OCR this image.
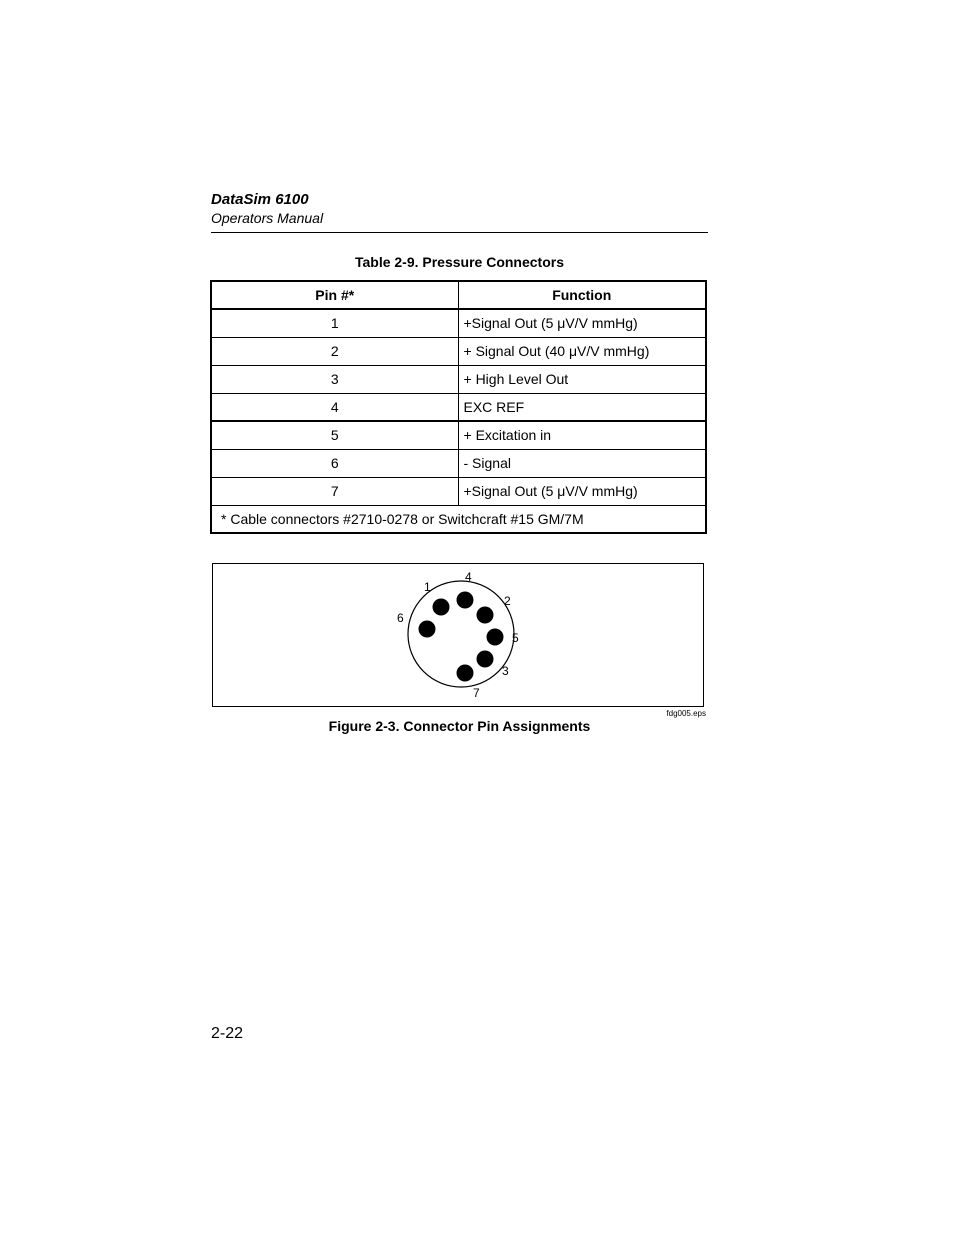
DataSim 6100
Operators Manual
Table 2-9. Pressure Connectors
Pin #*	Function
1	+Signal Out (5 μV/V mmHg)
2	+ Signal Out (40 μV/V mmHg)
3	+ High Level Out
4	EXC REF
5	+ Excitation in
6	- Signal
7	+Signal Out (5 μV/V mmHg)
* Cable connectors #2710-0278 or Switchcraft #15 GM/7M	
1
2
3
4
5
6
7
fdg005.eps
Figure 2-3. Connector Pin Assignments
2-22
